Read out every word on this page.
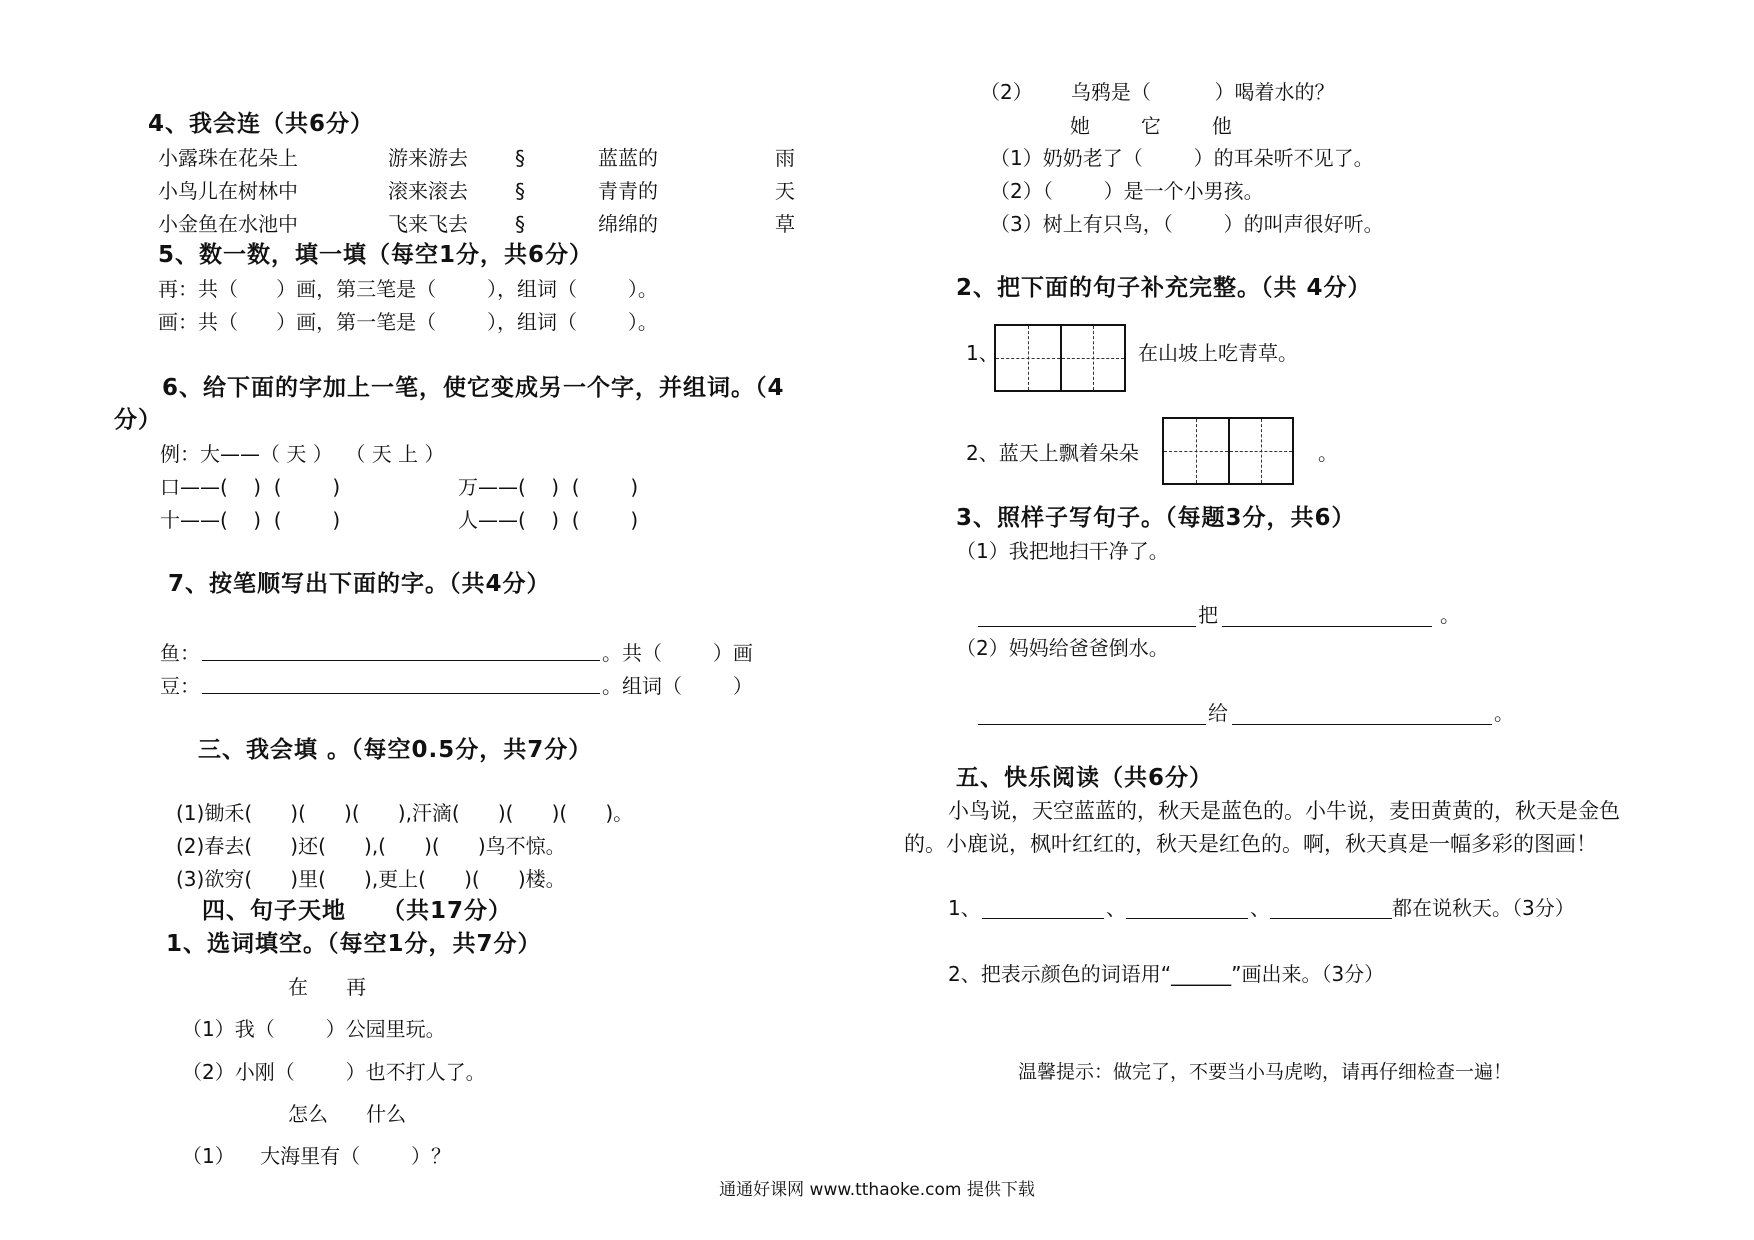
4、我会连（共6分）
小露珠在花朵上	游来游去 §	蓝蓝的	雨
小鸟儿在树林中	滚来滚去 §	青青的	天
小金鱼在水池中	飞来飞去 §	绵绵的	草
5、数一数，填一填（每空1分，共6分）
再：共（      ）画，第三笔是（        ），组词（        ）。
画：共（      ）画，第一笔是（        ），组词（        ）。
6、给下面的字加上一笔，使它变成另一个字，并组词。（4
分）
例：大——（ 天 ）  （ 天 上 ）
口——(    )  (        )	万——(    )  (        )
十——(    )  (        )	人——(    )  (        )
7、按笔顺写出下面的字。（共4分）
鱼：	。共（        ）画
豆：	。组词（        ）
三、我会填 。（每空0.5分，共7分）
(1)锄禾(      )(      )(      ),汗滴(      )(      )(      )。
(2)春去(      )还(      ),(      )(      )鸟不惊。
(3)欲穷(      )里(      ),更上(      )(      )楼。
四、句子天地    （共17分）
1、选词填空。（每空1分，共7分）
在      再
（1）我（        ）公园里玩。
（2）小刚（        ）也不打人了。
怎么      什么
（1）    大海里有（        ）？
（2）      乌鸦是（          ）喝着水的？
她        它        他
（1）奶奶老了（        ）的耳朵听不见了。
（2）（        ）是一个小男孩。
（3）树上有只鸟，（        ）的叫声很好听。
2、把下面的句子补充完整。（共 4分）
1、	在山坡上吃青草。
2、蓝天上飘着朵朵	。
3、照样子写句子。（每题3分，共6）
（1）我把地扫干净了。
把	。
（2）妈妈给爸爸倒水。
给	。
五、快乐阅读（共6分）
小鸟说，天空蓝蓝的，秋天是蓝色的。小牛说，麦田黄黄的，秋天是金色的。小鹿说，枫叶红红的，秋天是红色的。啊，秋天真是一幅多彩的图画！
1、	、	、	都在说秋天。（3分）
2、把表示颜色的词语用“______”画出来。（3分）
温馨提示：做完了，不要当小马虎哟，请再仔细检查一遍！
通通好课网 www.tthaoke.com 提供下载
